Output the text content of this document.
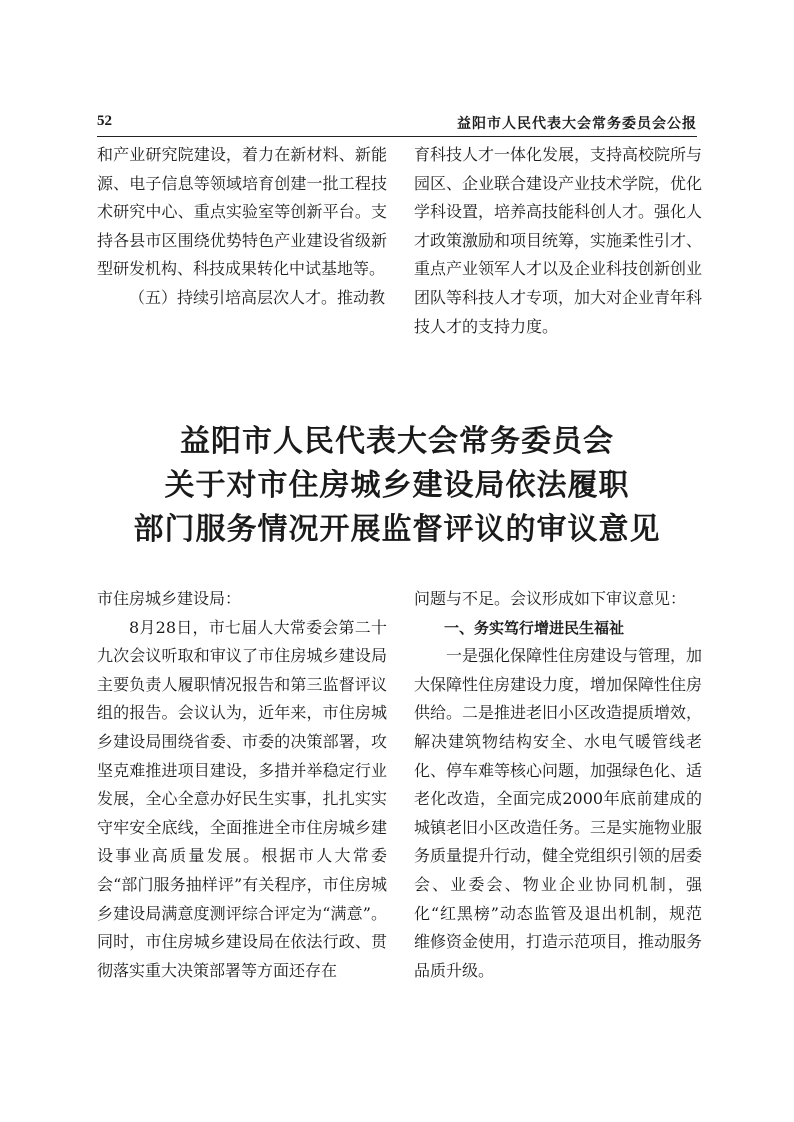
52	益阳市人民代表大会常务委员会公报

和产业研究院建设，着力在新材料、新能源、电子信息等领域培育创建一批工程技术研究中心、重点实验室等创新平台。支持各县市区围绕优势特色产业建设省级新型研发机构、科技成果转化中试基地等。

（五）持续引培高层次人才。推动教

育科技人才一体化发展，支持高校院所与园区、企业联合建设产业技术学院，优化学科设置，培养高技能科创人才。强化人才政策激励和项目统筹，实施柔性引才、重点产业领军人才以及企业科技创新创业团队等科技人才专项，加大对企业青年科技人才的支持力度。

益阳市人民代表大会常务委员会
关于对市住房城乡建设局依法履职
部门服务情况开展监督评议的审议意见

市住房城乡建设局：

8月28日，市七届人大常委会第二十九次会议听取和审议了市住房城乡建设局主要负责人履职情况报告和第三监督评议组的报告。会议认为，近年来，市住房城乡建设局围绕省委、市委的决策部署，攻坚克难推进项目建设，多措并举稳定行业发展，全心全意办好民生实事，扎扎实实守牢安全底线，全面推进全市住房城乡建设事业高质量发展。根据市人大常委会“部门服务抽样评”有关程序，市住房城乡建设局满意度测评综合评定为“满意”。同时，市住房城乡建设局在依法行政、贯彻落实重大决策部署等方面还存在

问题与不足。会议形成如下审议意见：

一、务实笃行增进民生福祉

一是强化保障性住房建设与管理，加大保障性住房建设力度，增加保障性住房供给。二是推进老旧小区改造提质增效，解决建筑物结构安全、水电气暖管线老化、停车难等核心问题，加强绿色化、适老化改造，全面完成2000年底前建成的城镇老旧小区改造任务。三是实施物业服务质量提升行动，健全党组织引领的居委会、业委会、物业企业协同机制，强化“红黑榜”动态监管及退出机制，规范维修资金使用，打造示范项目，推动服务品质升级。
